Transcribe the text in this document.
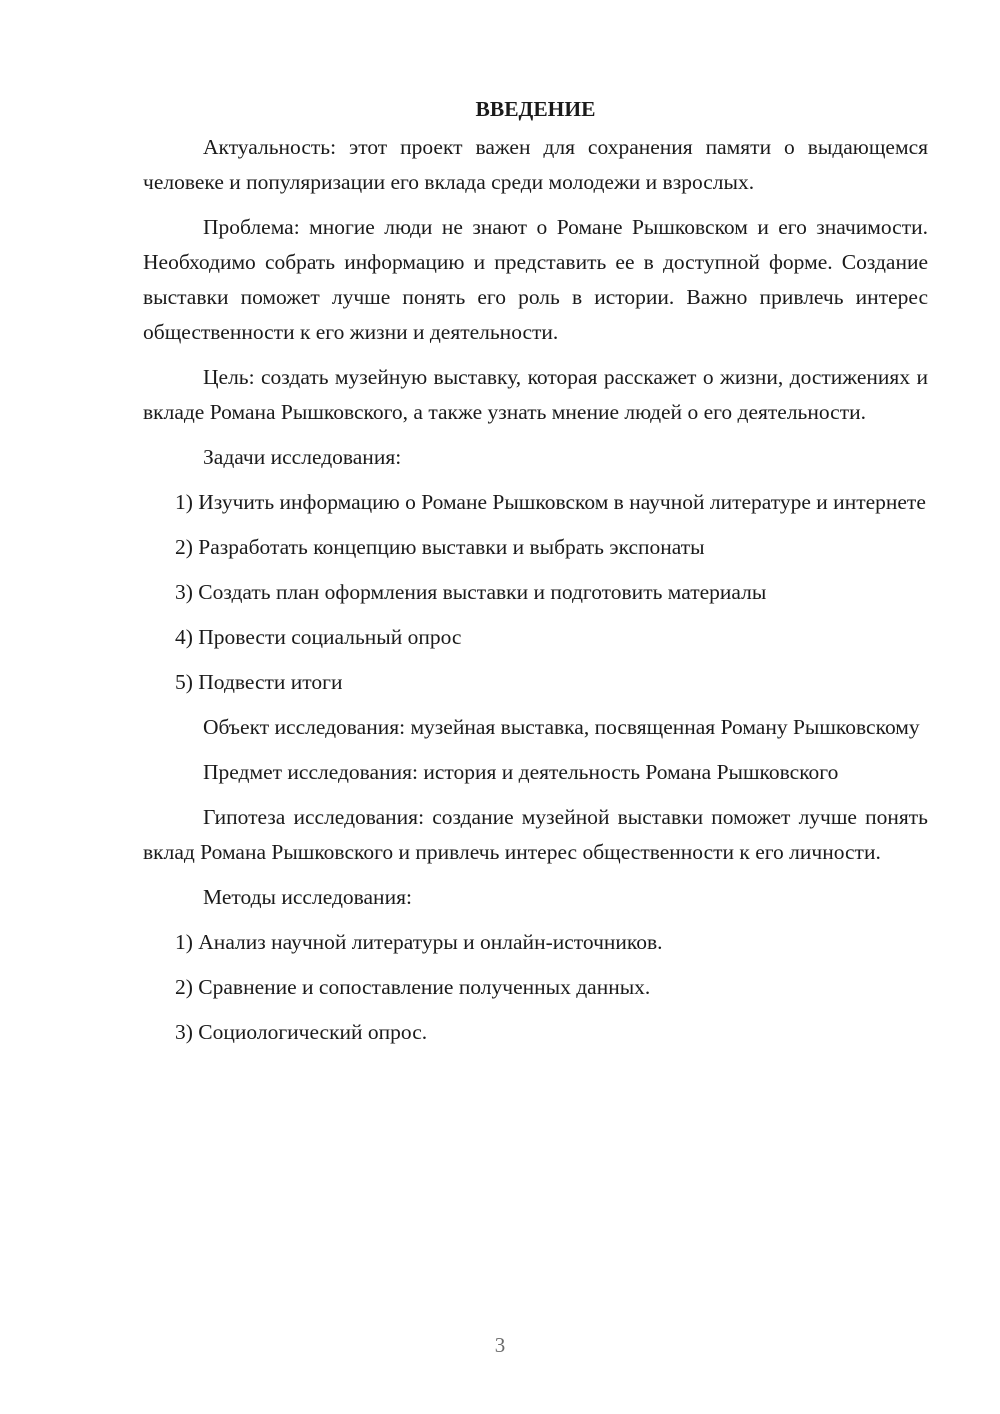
ВВЕДЕНИЕ

Актуальность: этот проект важен для сохранения памяти о выдающемся человеке и популяризации его вклада среди молодежи и взрослых.

Проблема: многие люди не знают о Романе Рышковском и его значимости. Необходимо собрать информацию и представить ее в доступной форме. Создание выставки поможет лучше понять его роль в истории. Важно привлечь интерес общественности к его жизни и деятельности.

Цель: создать музейную выставку, которая расскажет о жизни, достижениях и вкладе Романа Рышковского, а также узнать мнение людей о его деятельности.

Задачи исследования:

1) Изучить информацию о Романе Рышковском в научной литературе и интернете

2) Разработать концепцию выставки и выбрать экспонаты

3) Создать план оформления выставки и подготовить материалы

4) Провести социальный опрос

5) Подвести итоги

Объект исследования: музейная выставка, посвященная Роману Рышковскому

Предмет исследования: история и деятельность Романа Рышковского

Гипотеза исследования: создание музейной выставки поможет лучше понять вклад Романа Рышковского и привлечь интерес общественности к его личности.

Методы исследования:

1) Анализ научной литературы и онлайн-источников.

2) Сравнение и сопоставление полученных данных.

3) Социологический опрос.

3
